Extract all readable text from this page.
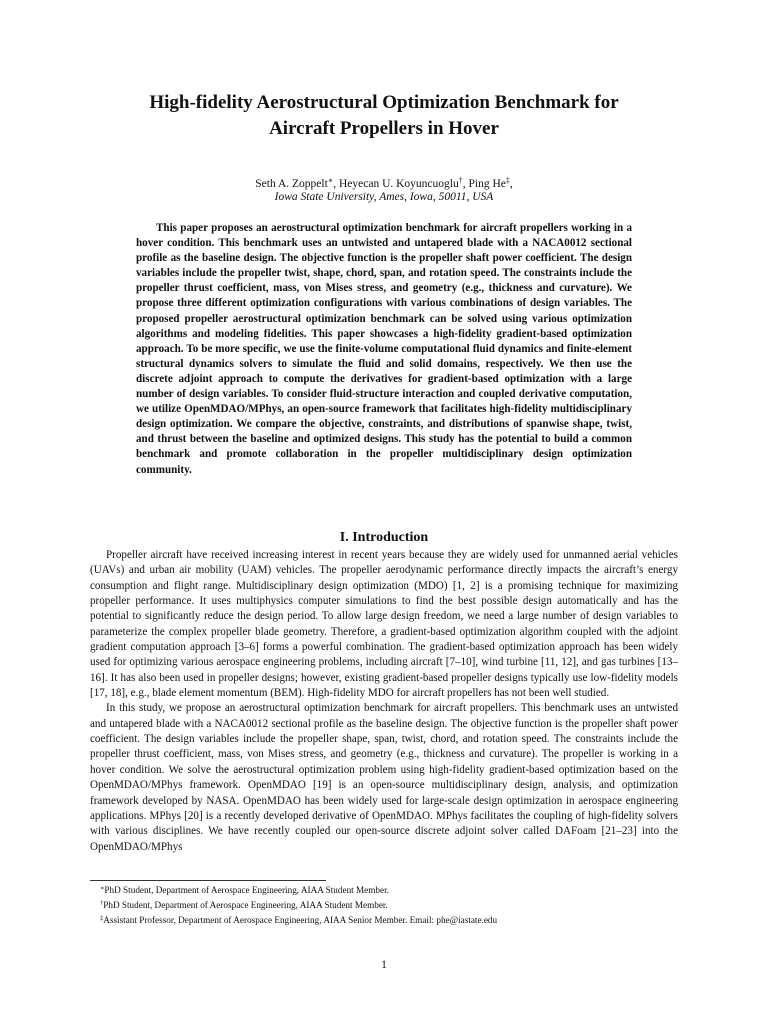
High-fidelity Aerostructural Optimization Benchmark for
Aircraft Propellers in Hover
Seth A. Zoppelt∗, Heyecan U. Koyuncuoglu†, Ping He‡,
Iowa State University, Ames, Iowa, 50011, USA

This paper proposes an aerostructural optimization benchmark for aircraft propellers working in a hover condition. This benchmark uses an untwisted and untapered blade with a NACA0012 sectional profile as the baseline design. The objective function is the propeller shaft power coefficient. The design variables include the propeller twist, shape, chord, span, and rotation speed. The constraints include the propeller thrust coefficient, mass, von Mises stress, and geometry (e.g., thickness and curvature). We propose three different optimization configurations with various combinations of design variables. The proposed propeller aerostructural optimization benchmark can be solved using various optimization algorithms and modeling fidelities. This paper showcases a high-fidelity gradient-based optimization approach. To be more specific, we use the finite-volume computational fluid dynamics and finite-element structural dynamics solvers to simulate the fluid and solid domains, respectively. We then use the discrete adjoint approach to compute the derivatives for gradient-based optimization with a large number of design variables. To consider fluid-structure interaction and coupled derivative computation, we utilize OpenMDAO/MPhys, an open-source framework that facilitates high-fidelity multidisciplinary design optimization. We compare the objective, constraints, and distributions of spanwise shape, twist, and thrust between the baseline and optimized designs. This study has the potential to build a common benchmark and promote collaboration in the propeller multidisciplinary design optimization community.

I. Introduction

Propeller aircraft have received increasing interest in recent years because they are widely used for unmanned aerial vehicles (UAVs) and urban air mobility (UAM) vehicles. The propeller aerodynamic performance directly impacts the aircraft’s energy consumption and flight range. Multidisciplinary design optimization (MDO) [1, 2] is a promising technique for maximizing propeller performance. It uses multiphysics computer simulations to find the best possible design automatically and has the potential to significantly reduce the design period. To allow large design freedom, we need a large number of design variables to parameterize the complex propeller blade geometry. Therefore, a gradient-based optimization algorithm coupled with the adjoint gradient computation approach [3–6] forms a powerful combination. The gradient-based optimization approach has been widely used for optimizing various aerospace engineering problems, including aircraft [7–10], wind turbine [11, 12], and gas turbines [13–16]. It has also been used in propeller designs; however, existing gradient-based propeller designs typically use low-fidelity models [17, 18], e.g., blade element momentum (BEM). High-fidelity MDO for aircraft propellers has not been well studied.

In this study, we propose an aerostructural optimization benchmark for aircraft propellers. This benchmark uses an untwisted and untapered blade with a NACA0012 sectional profile as the baseline design. The objective function is the propeller shaft power coefficient. The design variables include the propeller shape, span, twist, chord, and rotation speed. The constraints include the propeller thrust coefficient, mass, von Mises stress, and geometry (e.g., thickness and curvature). The propeller is working in a hover condition. We solve the aerostructural optimization problem using high-fidelity gradient-based optimization based on the OpenMDAO/MPhys framework. OpenMDAO [19] is an open-source multidisciplinary design, analysis, and optimization framework developed by NASA. OpenMDAO has been widely used for large-scale design optimization in aerospace engineering applications. MPhys [20] is a recently developed derivative of OpenMDAO. MPhys facilitates the coupling of high-fidelity solvers with various disciplines. We have recently coupled our open-source discrete adjoint solver called DAFoam [21–23] into the OpenMDAO/MPhys

∗PhD Student, Department of Aerospace Engineering, AIAA Student Member.
†PhD Student, Department of Aerospace Engineering, AIAA Student Member.
‡Assistant Professor, Department of Aerospace Engineering, AIAA Senior Member. Email: phe@iastate.edu
1
